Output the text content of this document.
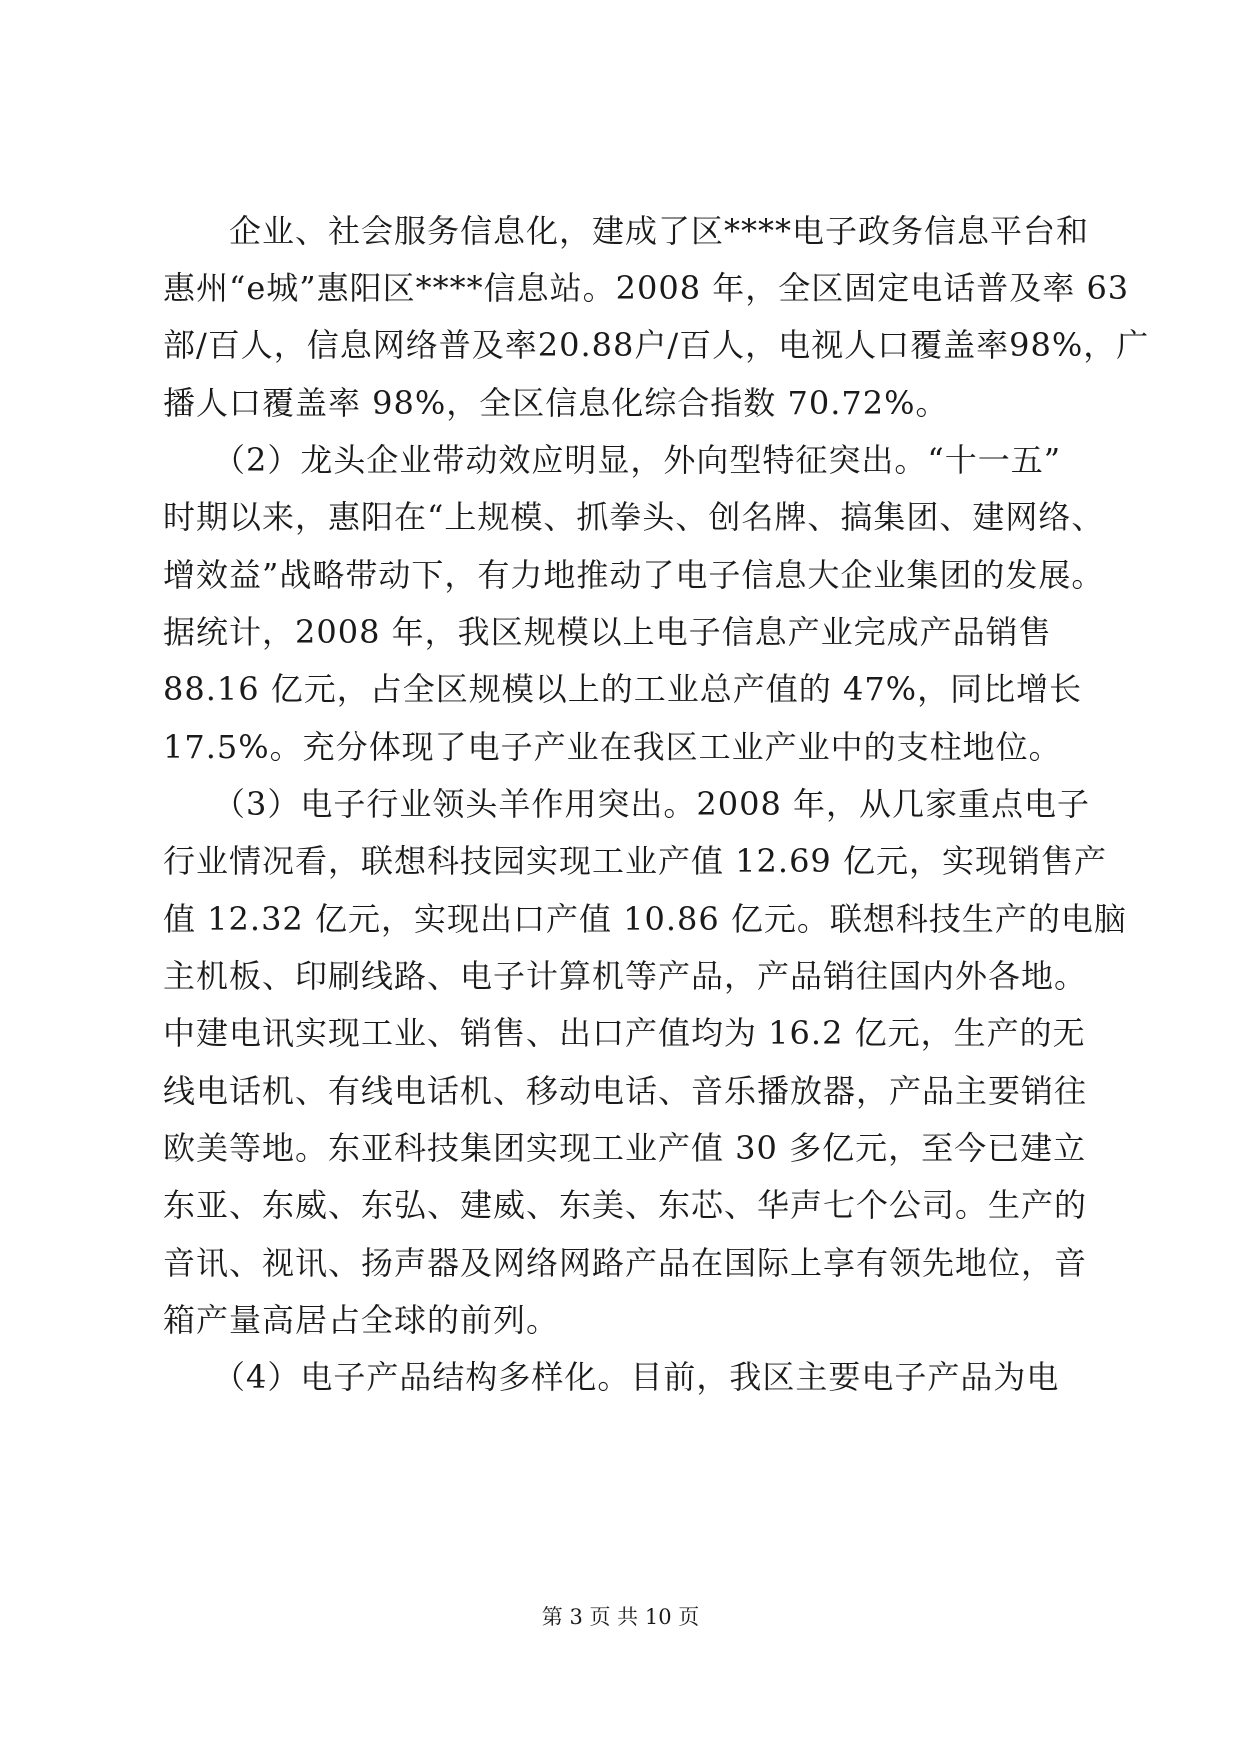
　　企业、社会服务信息化，建成了区****电子政务信息平台和
惠州“e城”惠阳区****信息站。2008 年，全区固定电话普及率 63
部/百人，信息网络普及率20.88户/百人，电视人口覆盖率98%，广
播人口覆盖率 98%，全区信息化综合指数 70.72%。
　　（2）龙头企业带动效应明显，外向型特征突出。“十一五”
时期以来，惠阳在“上规模、抓拳头、创名牌、搞集团、建网络、
增效益”战略带动下，有力地推动了电子信息大企业集团的发展。
据统计，2008 年，我区规模以上电子信息产业完成产品销售
88.16 亿元，占全区规模以上的工业总产值的 47%，同比增长
17.5%。充分体现了电子产业在我区工业产业中的支柱地位。
　　（3）电子行业领头羊作用突出。2008 年，从几家重点电子
行业情况看，联想科技园实现工业产值 12.69 亿元，实现销售产
值 12.32 亿元，实现出口产值 10.86 亿元。联想科技生产的电脑
主机板、印刷线路、电子计算机等产品，产品销往国内外各地。
中建电讯实现工业、销售、出口产值均为 16.2 亿元，生产的无
线电话机、有线电话机、移动电话、音乐播放器，产品主要销往
欧美等地。东亚科技集团实现工业产值 30 多亿元，至今已建立
东亚、东威、东弘、建威、东美、东芯、华声七个公司。生产的
音讯、视讯、扬声器及网络网路产品在国际上享有领先地位，音
箱产量高居占全球的前列。
　　（4）电子产品结构多样化。目前，我区主要电子产品为电
第 3 页 共 10 页
